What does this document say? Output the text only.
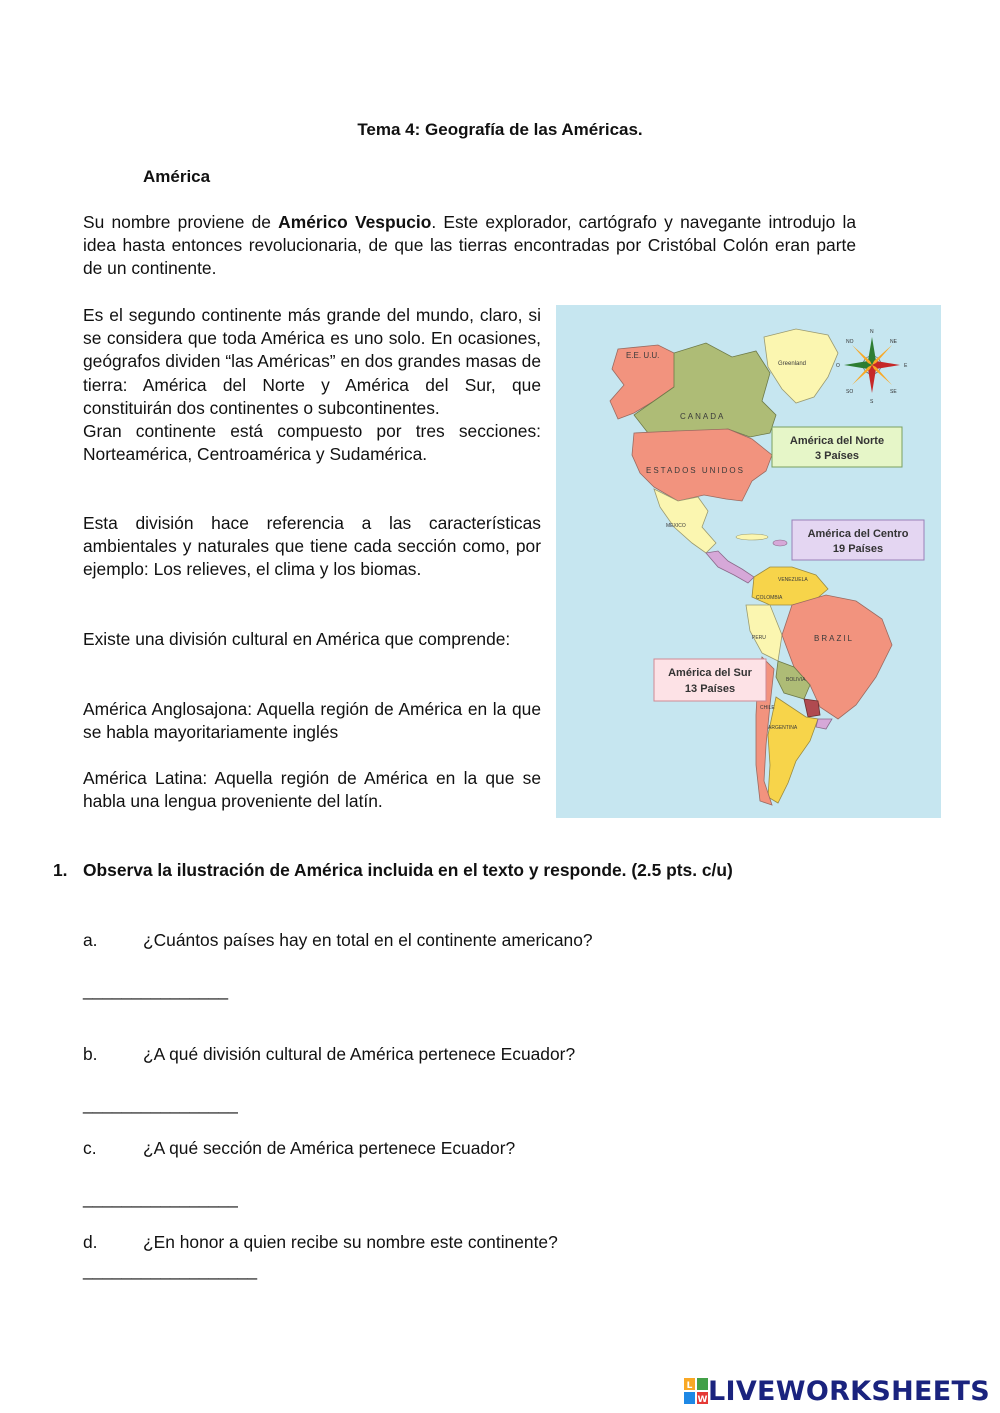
Tema 4: Geografía de las Américas.
América
Su nombre proviene de Américo Vespucio. Este explorador, cartógrafo y navegante introdujo la idea hasta entonces revolucionaria, de que las tierras encontradas por Cristóbal Colón eran parte de un continente.
Es el segundo continente más grande del mundo, claro, si se considera que toda América es uno solo. En ocasiones, geógrafos dividen “las Américas” en dos grandes masas de tierra: América del Norte y América del Sur, que constituirán dos continentes o subcontinentes.
Gran continente está compuesto por tres secciones: Norteamérica, Centroamérica y Sudamérica.
Esta división hace referencia a las características ambientales y naturales que tiene cada sección como, por ejemplo: Los relieves, el clima y los biomas.
Existe una división cultural en América que comprende:
América Anglosajona: Aquella región de América en la que se habla mayoritariamente inglés
América Latina: Aquella región de América en la que se habla una lengua proveniente del latín.
E.E. U.U.
Greenland
CANADA
ESTADOS UNIDOS
MEXICO
VENEZUELA
COLOMBIA
PERU	BRAZIL
BOLIVIA
CHILE
ARGENTINA
N
S
E
O
NE
NO
SE
SO
América del Norte
3 Países
América del Centro
19 Países
América del Sur
13 Países
1. Observa la ilustración de América incluida en el texto y responde. (2.5 pts. c/u)
a.	¿Cuántos países hay en total en el continente americano?
_______________
b.	¿A qué división cultural de América pertenece Ecuador?
________________
c.	¿A qué sección de América pertenece Ecuador?
________________
d.	¿En honor a quien recibe su nombre este continente?
__________________
L
W LIVEWORKSHEETS
